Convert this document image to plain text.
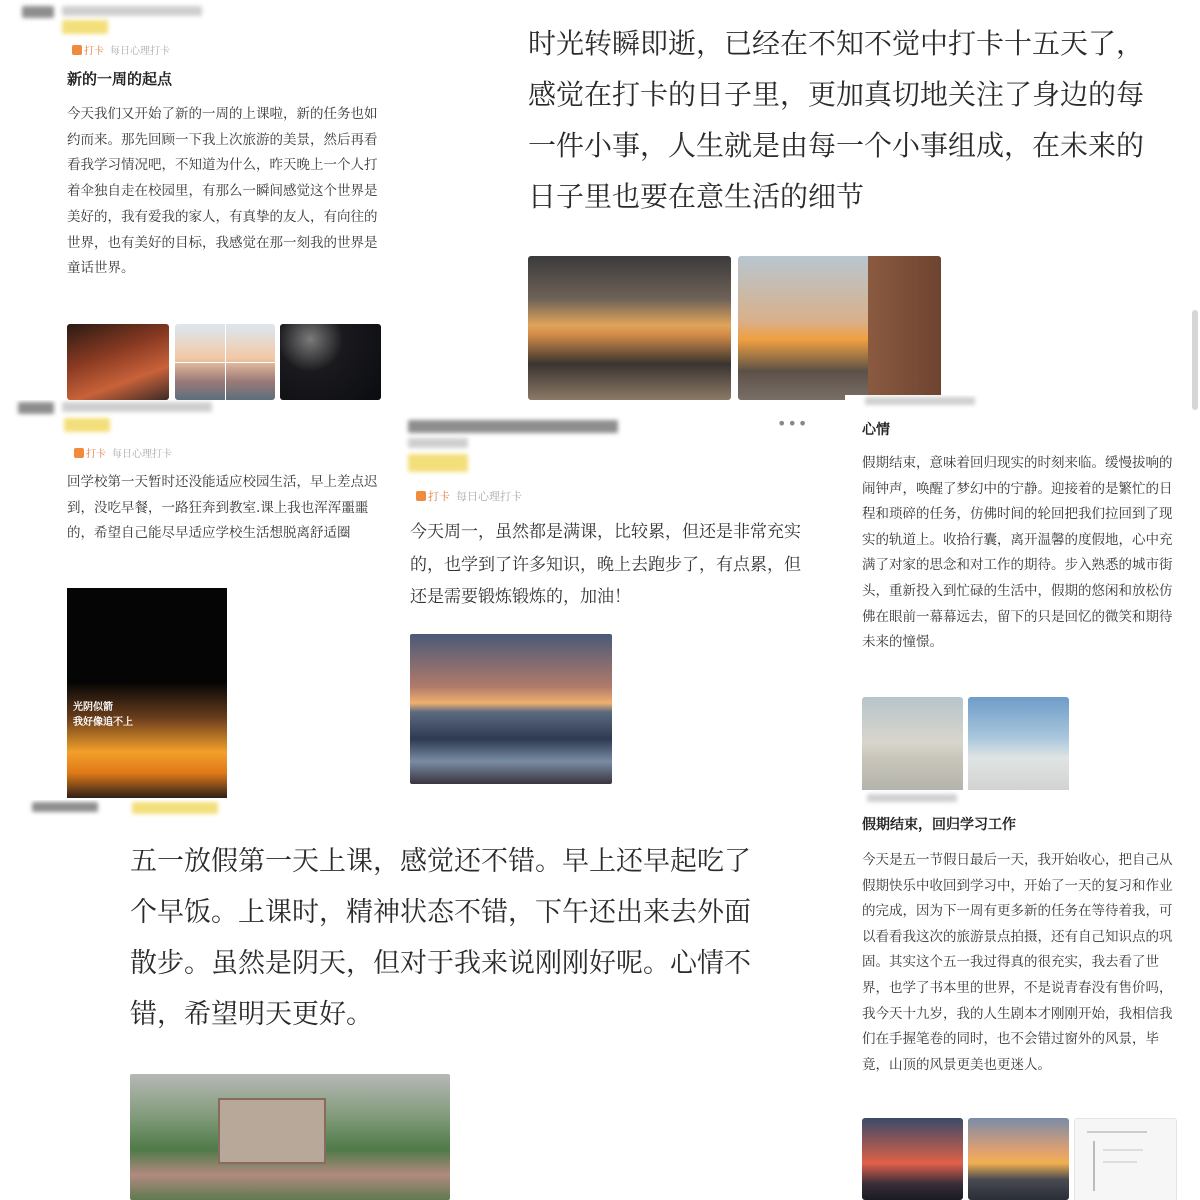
打卡 每日心理打卡
新的一周的起点

今天我们又开始了新的一周的上课啦，新的任务也如约而来。那先回顾一下我上次旅游的美景，然后再看看我学习情况吧，不知道为什么，昨天晚上一个人打着伞独自走在校园里，有那么一瞬间感觉这个世界是美好的，我有爱我的家人，有真挚的友人，有向往的世界，也有美好的目标，我感觉在那一刻我的世界是童话世界。

时光转瞬即逝，已经在不知不觉中打卡十五天了，感觉在打卡的日子里，更加真切地关注了身边的每一件小事，人生就是由每一个小事组成，在未来的日子里也要在意生活的细节

打卡 每日心理打卡

回学校第一天暂时还没能适应校园生活，早上差点迟到，没吃早餐，一路狂奔到教室.课上我也浑浑噩噩的，希望自己能尽早适应学校生活想脱离舒适圈

光阴似箭
我好像追不上
•••
打卡 每日心理打卡

今天周一，虽然都是满课，比较累，但还是非常充实的，也学到了许多知识，晚上去跑步了，有点累，但还是需要锻炼锻炼的，加油！

心情

假期结束，意味着回归现实的时刻来临。缓慢拔响的闹钟声，唤醒了梦幻中的宁静。迎接着的是繁忙的日程和琐碎的任务，仿佛时间的轮回把我们拉回到了现实的轨道上。收拾行囊，离开温馨的度假地，心中充满了对家的思念和对工作的期待。步入熟悉的城市街头，重新投入到忙碌的生活中，假期的悠闲和放松仿佛在眼前一幕幕远去，留下的只是回忆的微笑和期待未来的憧憬。

五一放假第一天上课，感觉还不错。早上还早起吃了个早饭。上课时，精神状态不错，下午还出来去外面散步。虽然是阴天，但对于我来说刚刚好呢。心情不错，希望明天更好。

假期结束，回归学习工作

今天是五一节假日最后一天，我开始收心，把自己从假期快乐中收回到学习中，开始了一天的复习和作业的完成，因为下一周有更多新的任务在等待着我，可以看看我这次的旅游景点拍摄，还有自己知识点的巩固。其实这个五一我过得真的很充实，我去看了世界，也学了书本里的世界，不是说青春没有售价吗，我今天十九岁，我的人生剧本才刚刚开始，我相信我们在手握笔卷的同时，也不会错过窗外的风景，毕竟，山顶的风景更美也更迷人。
